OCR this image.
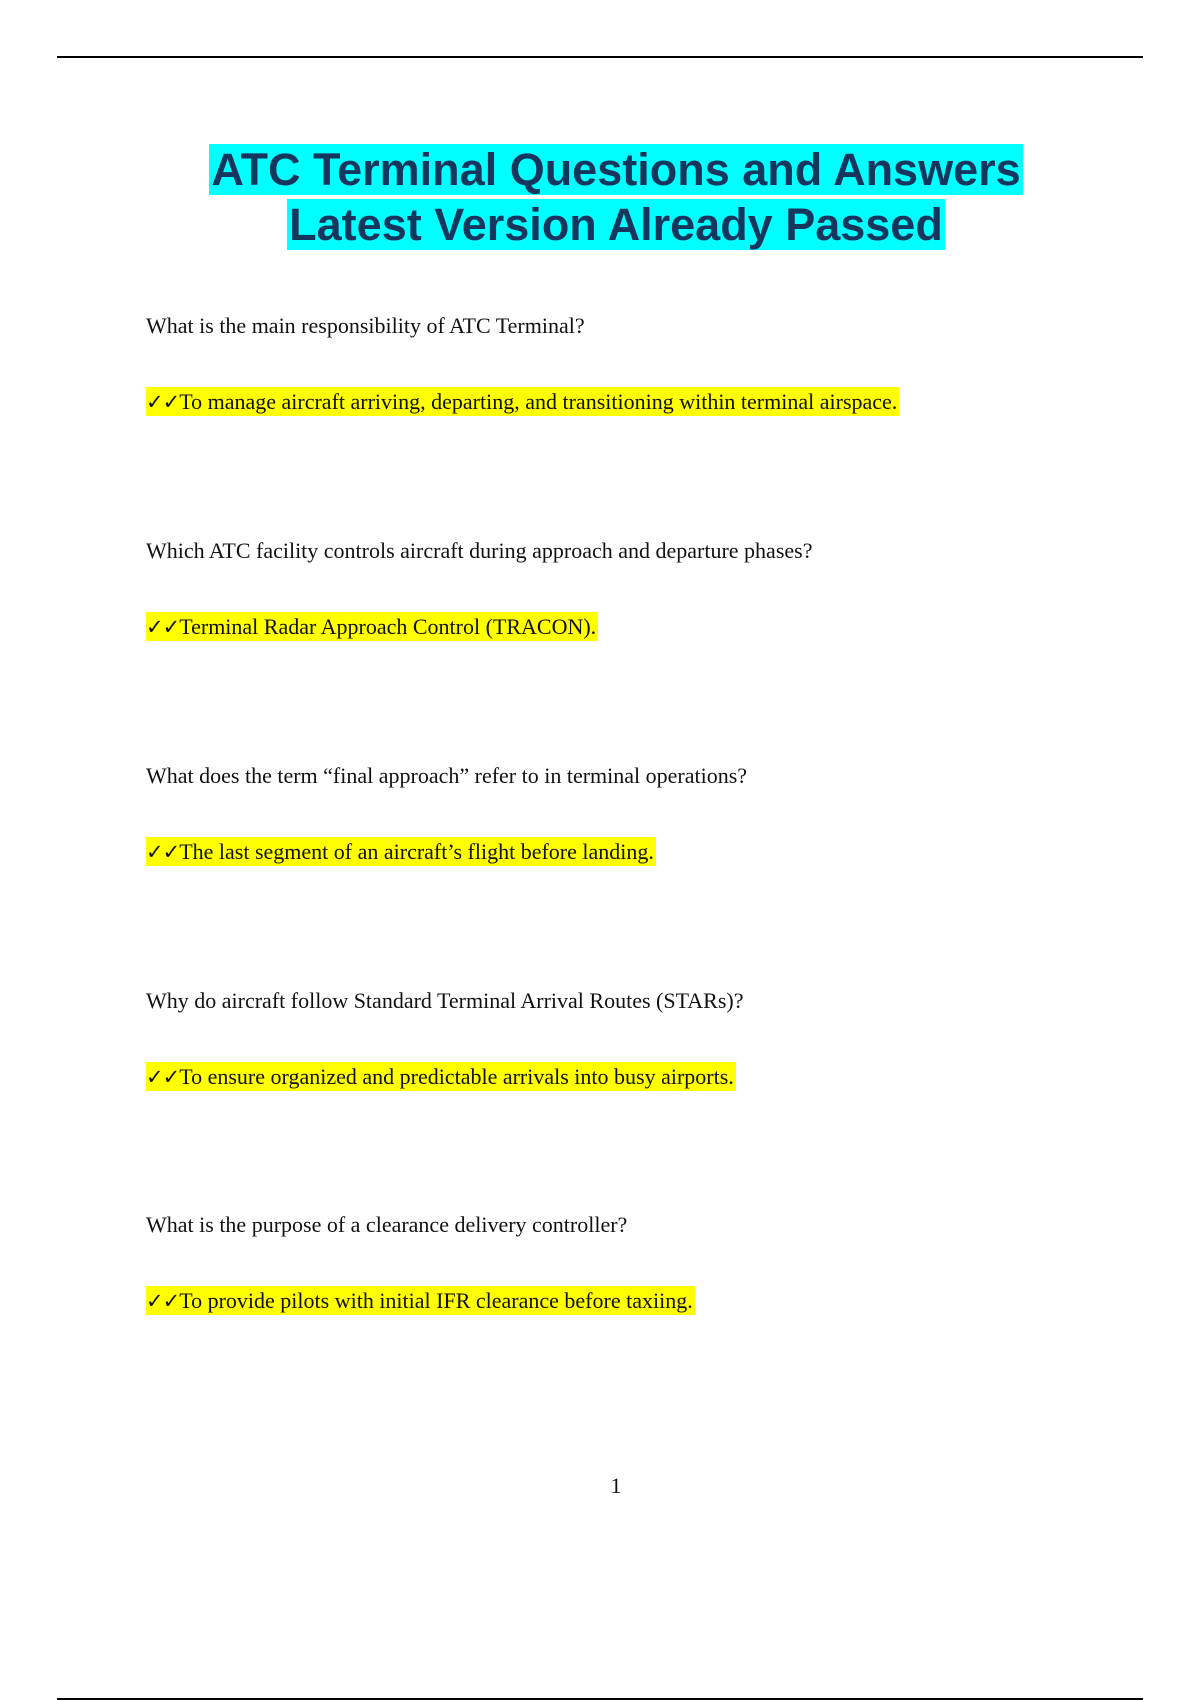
ATC Terminal Questions and Answers
Latest Version Already Passed
What is the main responsibility of ATC Terminal?
✓✓To manage aircraft arriving, departing, and transitioning within terminal airspace.
Which ATC facility controls aircraft during approach and departure phases?
✓✓Terminal Radar Approach Control (TRACON).
What does the term “final approach” refer to in terminal operations?
✓✓The last segment of an aircraft’s flight before landing.
Why do aircraft follow Standard Terminal Arrival Routes (STARs)?
✓✓To ensure organized and predictable arrivals into busy airports.
What is the purpose of a clearance delivery controller?
✓✓To provide pilots with initial IFR clearance before taxiing.
1
